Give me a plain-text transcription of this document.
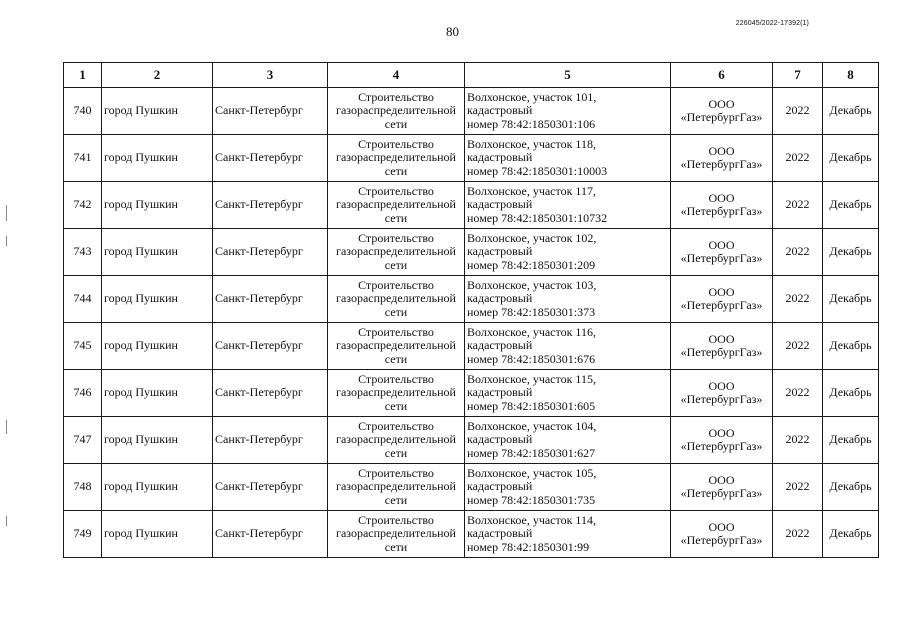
80
226045/2022-17392(1)
1	2	3	4	5	6	7	8
740	город Пушкин	Санкт-Петербург	Строительство
газораспределительной
сети	Волхонское, участок 101,
кадастровый
номер 78:42:1850301:106	ООО
«ПетербургГаз»	2022	Декабрь
741	город Пушкин	Санкт-Петербург	Строительство
газораспределительной
сети	Волхонское, участок 118,
кадастровый
номер 78:42:1850301:10003	ООО
«ПетербургГаз»	2022	Декабрь
742	город Пушкин	Санкт-Петербург	Строительство
газораспределительной
сети	Волхонское, участок 117,
кадастровый
номер 78:42:1850301:10732	ООО
«ПетербургГаз»	2022	Декабрь
743	город Пушкин	Санкт-Петербург	Строительство
газораспределительной
сети	Волхонское, участок 102,
кадастровый
номер 78:42:1850301:209	ООО
«ПетербургГаз»	2022	Декабрь
744	город Пушкин	Санкт-Петербург	Строительство
газораспределительной
сети	Волхонское, участок 103,
кадастровый
номер 78:42:1850301:373	ООО
«ПетербургГаз»	2022	Декабрь
745	город Пушкин	Санкт-Петербург	Строительство
газораспределительной
сети	Волхонское, участок 116,
кадастровый
номер 78:42:1850301:676	ООО
«ПетербургГаз»	2022	Декабрь
746	город Пушкин	Санкт-Петербург	Строительство
газораспределительной
сети	Волхонское, участок 115,
кадастровый
номер 78:42:1850301:605	ООО
«ПетербургГаз»	2022	Декабрь
747	город Пушкин	Санкт-Петербург	Строительство
газораспределительной
сети	Волхонское, участок 104,
кадастровый
номер 78:42:1850301:627	ООО
«ПетербургГаз»	2022	Декабрь
748	город Пушкин	Санкт-Петербург	Строительство
газораспределительной
сети	Волхонское, участок 105,
кадастровый
номер 78:42:1850301:735	ООО
«ПетербургГаз»	2022	Декабрь
749	город Пушкин	Санкт-Петербург	Строительство
газораспределительной
сети	Волхонское, участок 114,
кадастровый
номер 78:42:1850301:99	ООО
«ПетербургГаз»	2022	Декабрь
